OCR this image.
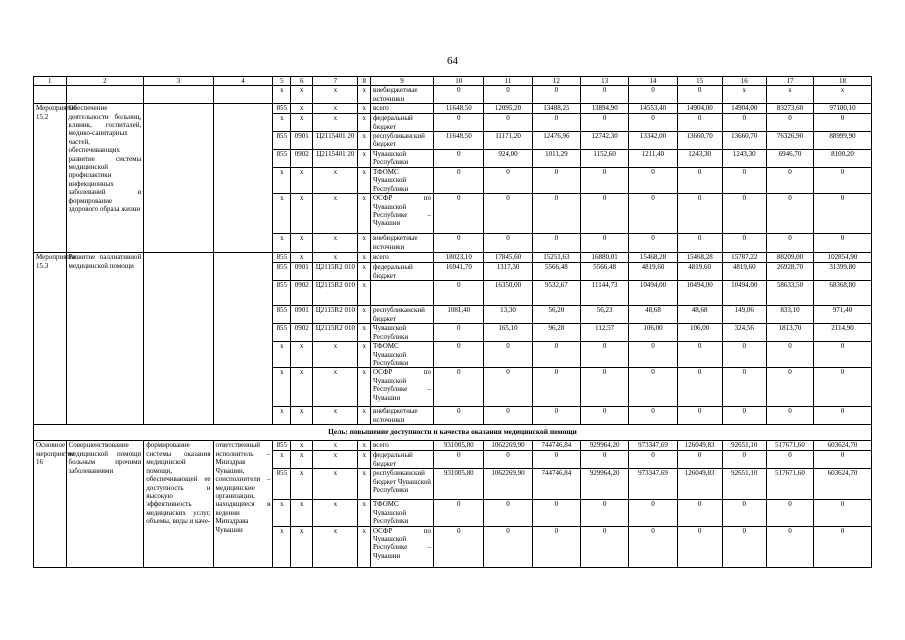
64
1	2	3	4	5	6	7	8	9	10	11	12	13	14	15	16	17	18
				x	x	x	x	внебюджетные источники	0	0	0	0	0	0	x	x	x
Мероприятие 15.2	Обеспечение деятельности больниц, клиник, госпиталей, медико-санитарных частей, обеспечивающих развитие системы медицинской профилактики инфекционных заболеваний и формирование здорового образа жизни			855	x	x	x	всего	11648,50	12095,20	13488,25	13894,90	14553,40	14904,00	14904,00	83273,60	97100,10
				x	x	x	x	федеральный бюджет	0	0	0	0	0	0	0	0	0
				855	0901	Ц2115401 20	x	республиканский бюджет	11648,50	11171,20	12476,96	12742,30	13342,00	13660,70	13660,70	76326,90	88999,90
				855	0902	Ц2115401 20	x	Чувашской Республики	0	924,00	1011,29	1152,60	1211,40	1243,30	1243,30	6946,70	8100,20
				x	x	x	x	ТФОМС Чувашской Республики	0	0	0	0	0	0	0	0	0
				x	x	x	x	ОСФР по Чувашской Республике – Чувашии	0	0	0	0	0	0	0	0	0
				x	x	x	x	внебюджетные источники	0	0	0	0	0	0	0	0	0
Мероприятие 15.3	Развитие паллиативной медицинской помощи			855	x	x	x	всего	18023,10	17845,60	15251,63	16880,01	15468,28	15468,28	15787,22	88209,00	102854,90
				855	0901	Ц2115R2 010	x	федеральный бюджет	16941,70	1317,30	5566,48	5566,48	4819,60	4819,60	4819,60	26928,70	31399,80
				855	0902	Ц2115R2 010	x		0	16350,00	9532,67	11144,73	10494,00	10494,00	10494,00	58633,50	68368,80
				855	0901	Ц2115R2 010	x	республиканский бюджет	1081,40	13,30	56,20	56,23	48,68	48,68	149,06	833,10	971,40
				855	0902	Ц2115R2 010	x	Чувашской Республики	0	165,10	96,28	112,57	106,00	106,00	324,56	1813,70	2114,90
				x	x	x	x	ТФОМС Чувашской Республики	0	0	0	0	0	0	0	0	0
				x	x	x	x	ОСФР по Чувашской Республике – Чувашии	0	0	0	0	0	0	0	0	0
				x	x	x	x	внебюджетные источники	0	0	0	0	0	0	0	0	0
Цель: повышение доступности и качества оказания медицинской помощи																	
Основное мероприятие 16	Совершенствование медицинской помощи больным прочими заболеваниями	формирование системы оказания медицинской помощи, обеспечивающей ее доступность и высокую эффективность медицинских услуг, объемы, виды и каче-	ответственный исполнитель – Минздрав Чувашии, соисполнители – медицинские организации, находящиеся в ведении Минздрава Чувашии	855	x	x	x	всего	931005,80	1062269,90	744746,84	929964,20	973347,69	126049,83	92651,10	517671,60	603624,70
				x	x	x	x	федеральный бюджет	0	0	0	0	0	0	0	0	0
				855	x	x	x	республиканский бюджет Чувашской Республики	931005,80	1062269,90	744746,84	929964,20	973347,69	126049,83	92651,10	517671,60	603624,70
				x	x	x	x	ТФОМС Чувашской Республики	0	0	0	0	0	0	0	0	0
				x	x	x	x	ОСФР по Чувашской Республике – Чувашии	0	0	0	0	0	0	0	0	0
